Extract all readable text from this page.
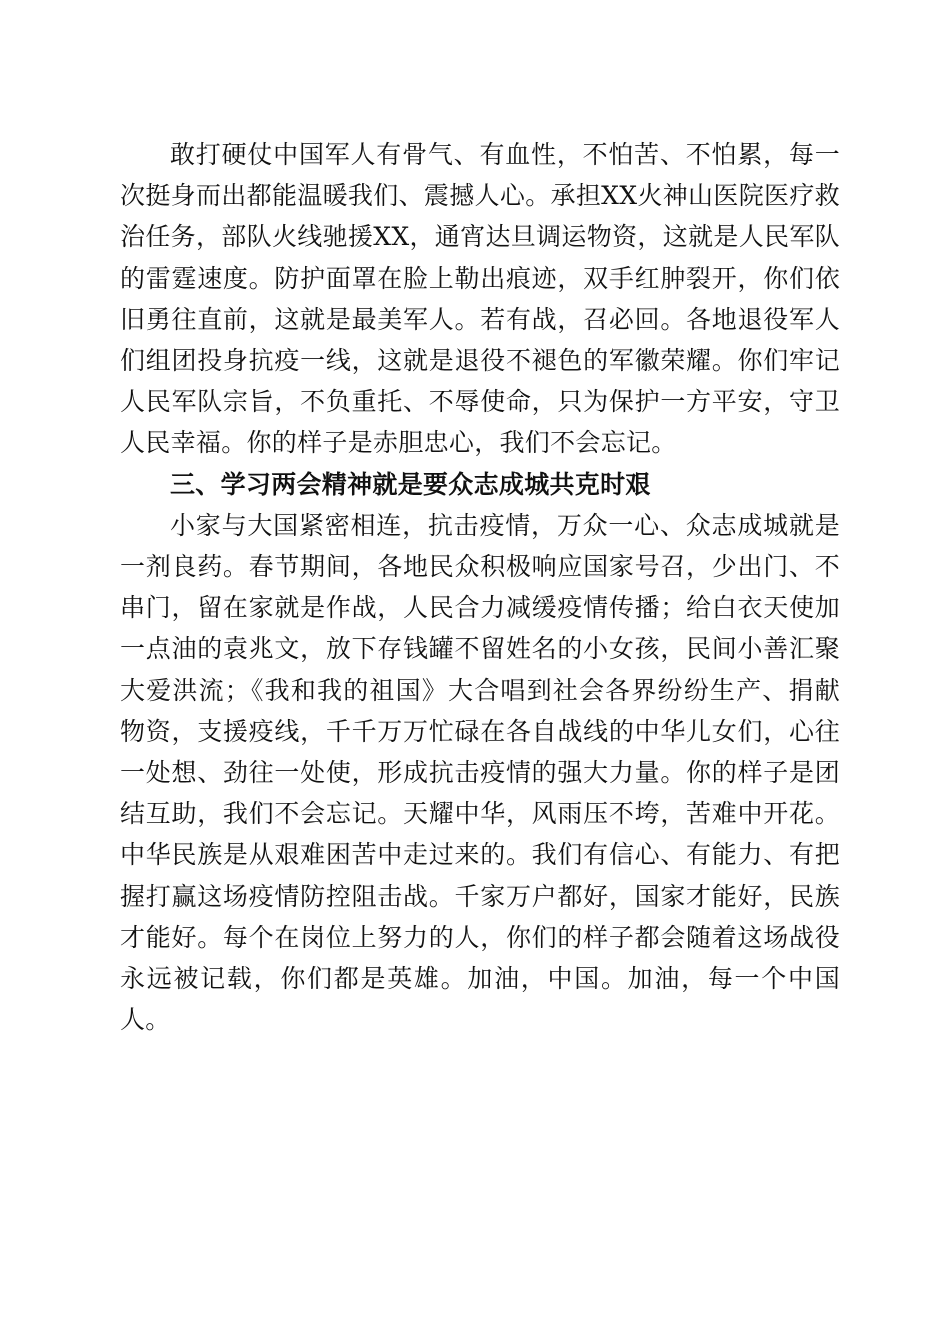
敢打硬仗中国军人有骨气、有血性，不怕苦、不怕累，每一次挺身而出都能温暖我们、震撼人心。承担XX火神山医院医疗救治任务，部队火线驰援XX，通宵达旦调运物资，这就是人民军队的雷霆速度。防护面罩在脸上勒出痕迹，双手红肿裂开，你们依旧勇往直前，这就是最美军人。若有战，召必回。各地退役军人们组团投身抗疫一线，这就是退役不褪色的军徽荣耀。你们牢记人民军队宗旨，不负重托、不辱使命，只为保护一方平安，守卫人民幸福。你的样子是赤胆忠心，我们不会忘记。

三、学习两会精神就是要众志成城共克时艰

小家与大国紧密相连，抗击疫情，万众一心、众志成城就是一剂良药。春节期间，各地民众积极响应国家号召，少出门、不串门，留在家就是作战，人民合力减缓疫情传播；给白衣天使加一点油的袁兆文，放下存钱罐不留姓名的小女孩，民间小善汇聚大爱洪流；《我和我的祖国》大合唱到社会各界纷纷生产、捐献物资，支援疫线，千千万万忙碌在各自战线的中华儿女们，心往一处想、劲往一处使，形成抗击疫情的强大力量。你的样子是团结互助，我们不会忘记。天耀中华，风雨压不垮，苦难中开花。中华民族是从艰难困苦中走过来的。我们有信心、有能力、有把握打赢这场疫情防控阻击战。千家万户都好，国家才能好，民族才能好。每个在岗位上努力的人，你们的样子都会随着这场战役永远被记载，你们都是英雄。加油，中国。加油，每一个中国人。
